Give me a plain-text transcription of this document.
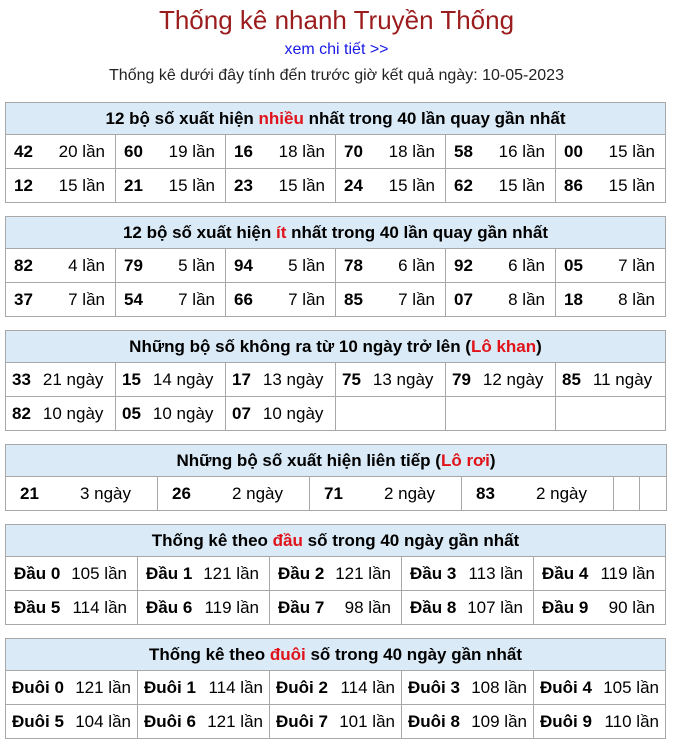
Thống kê nhanh Truyền Thống
xem chi tiết >>
Thống kê dưới đây tính đến trước giờ kết quả ngày: 10-05-2023
12 bộ số xuất hiện nhiều nhất trong 40 lần quay gần nhất					

42 20 lần	60 19 lần	16 18 lần	70 18 lần	58 16 lần	00 15 lần

12 15 lần	21 15 lần	23 15 lần	24 15 lần	62 15 lần	86 15 lần
12 bộ số xuất hiện ít nhất trong 40 lần quay gần nhất					

82 4 lần	79 5 lần	94 5 lần	78 6 lần	92 6 lần	05 7 lần

37 7 lần	54 7 lần	66 7 lần	85 7 lần	07 8 lần	18 8 lần
Những bộ số không ra từ 10 ngày trở lên (Lô khan)					

33 21 ngày	15 14 ngày	17 13 ngày	75 13 ngày	79 12 ngày	85 11 ngày

82 10 ngày	05 10 ngày	07 10 ngày			

Những bộ số xuất hiện liên tiếp (Lô rơi)

21 3 ngày	26 2 ngày	71 2 ngày	83 2 ngày

Thống kê theo đầu số trong 40 ngày gần nhất				

Đầu 0 105 lần	Đầu 1 121 lần	Đầu 2 121 lần	Đầu 3 113 lần	Đầu 4 119 lần

Đầu 5 114 lần	Đầu 6 119 lần	Đầu 7 98 lần	Đầu 8 107 lần	Đầu 9 90 lần
Thống kê theo đuôi số trong 40 ngày gần nhất				

Đuôi 0 121 lần	Đuôi 1 114 lần	Đuôi 2 114 lần	Đuôi 3 108 lần	Đuôi 4 105 lần

Đuôi 5 104 lần	Đuôi 6 121 lần	Đuôi 7 101 lần	Đuôi 8 109 lần	Đuôi 9 110 lần
